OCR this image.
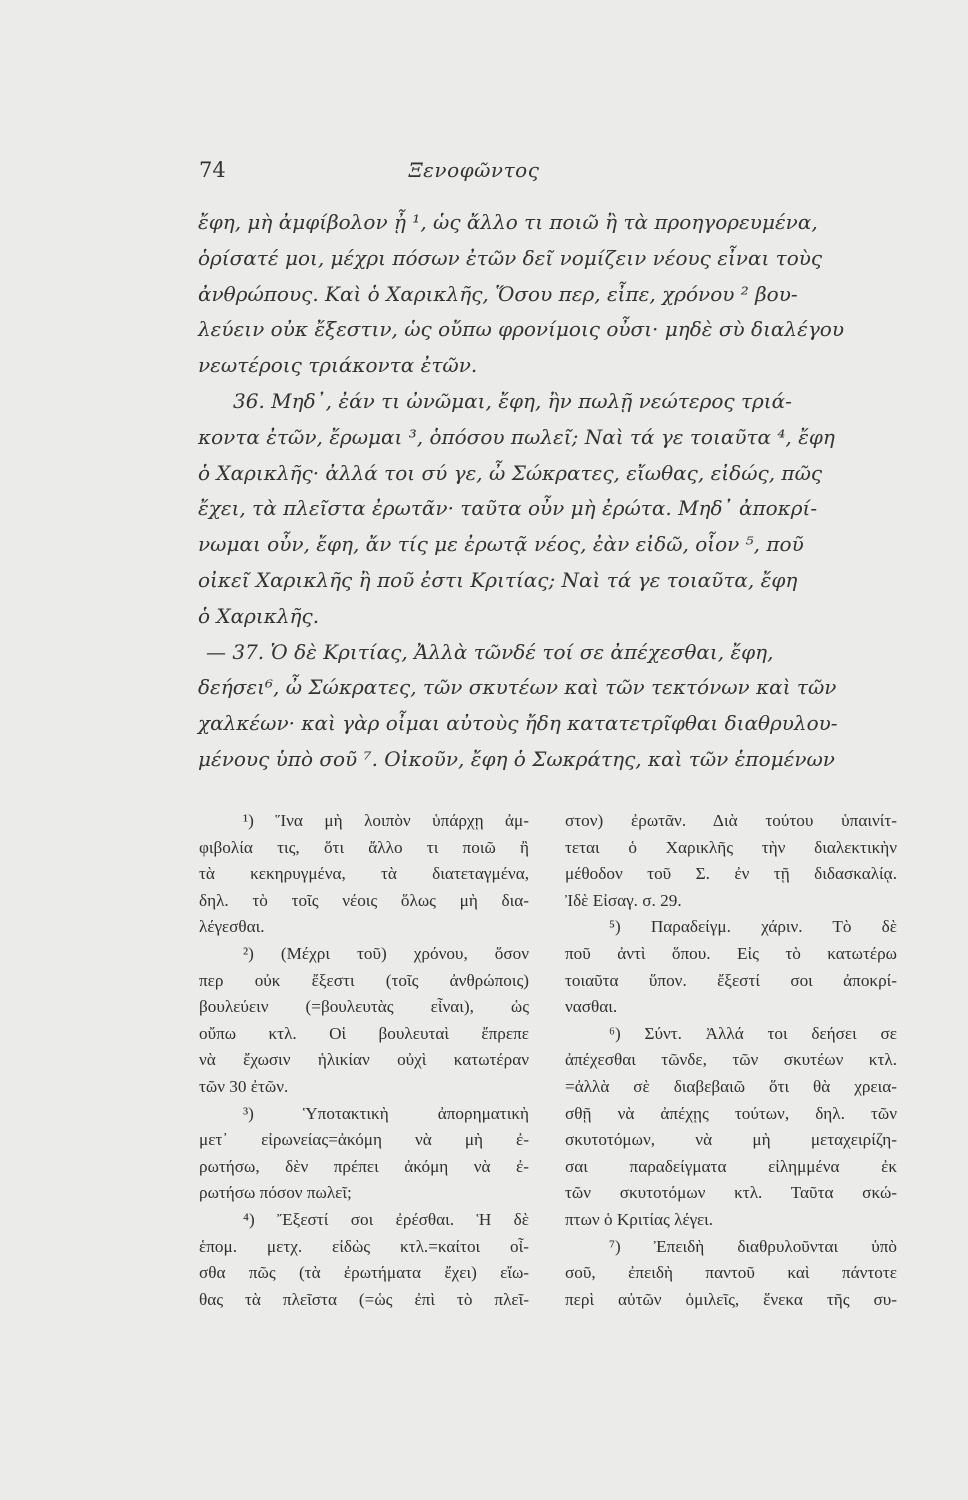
74	Ξενοφῶντος
ἔφη, μὴ ἀμφίβολον ᾖ ¹, ὡς ἄλλο τι ποιῶ ἢ τὰ προηγορευμένα,
ὁρίσατέ μοι, μέχρι πόσων ἐτῶν δεῖ νομίζειν νέους εἶναι τοὺς
ἀνθρώπους. Καὶ ὁ Χαρικλῆς, Ὅσου περ, εἶπε, χρόνου ² βου-
λεύειν οὐκ ἔξεστιν, ὡς οὔπω φρονίμοις οὖσι· μηδὲ σὺ διαλέγου
νεωτέροις τριάκοντα ἐτῶν.
36. Μηδ᾽, ἐάν τι ὠνῶμαι, ἔφη, ἢν πωλῇ νεώτερος τριά-
κοντα ἐτῶν, ἔρωμαι ³, ὁπόσου πωλεῖ; Ναὶ τά γε τοιαῦτα ⁴, ἔφη
ὁ Χαρικλῆς· ἀλλά τοι σύ γε, ὦ Σώκρατες, εἴωθας, εἰδώς, πῶς
ἔχει, τὰ πλεῖστα ἐρωτᾶν· ταῦτα οὖν μὴ ἐρώτα. Μηδ᾽ ἀποκρί-
νωμαι οὖν, ἔφη, ἄν τίς με ἐρωτᾷ νέος, ἐὰν εἰδῶ, οἷον ⁵, ποῦ
οἰκεῖ Χαρικλῆς ἢ ποῦ ἐστι Κριτίας; Ναὶ τά γε τοιαῦτα, ἔφη
ὁ Χαρικλῆς.
— 37. Ὁ δὲ Κριτίας, Ἀλλὰ τῶνδέ τοί σε ἀπέχεσθαι, ἔφη,
δεήσει⁶, ὦ Σώκρατες, τῶν σκυτέων καὶ τῶν τεκτόνων καὶ τῶν
χαλκέων· καὶ γὰρ οἶμαι αὐτοὺς ἤδη κατατετρῖφθαι διαθρυλου-
μένους ὑπὸ σοῦ ⁷. Οἰκοῦν, ἔφη ὁ Σωκράτης, καὶ τῶν ἑπομένων
¹) Ἵνα μὴ λοιπὸν ὑπάρχῃ ἀμ-
φιβολία τις, ὅτι ἄλλο τι ποιῶ ἢ
τὰ κεκηρυγμένα, τὰ διατεταγμένα,
δηλ. τὸ τοῖς νέοις ὅλως μὴ δια-
λέγεσθαι.
²) (Μέχρι τοῦ) χρόνου, ὅσον
περ οὐκ ἔξεστι (τοῖς ἀνθρώποις)
βουλεύειν (=βουλευτὰς εἶναι), ὡς
οὔπω κτλ. Οἱ βουλευταὶ ἔπρεπε
νὰ ἔχωσιν ἡλικίαν οὐχὶ κατωτέραν
τῶν 30 ἐτῶν.
³) Ὑποτακτικὴ ἀπορηματικὴ
μετ᾽ εἰρωνείας=ἀκόμη νὰ μὴ ἐ-
ρωτήσω, δὲν πρέπει ἀκόμη νὰ ἐ-
ρωτήσω πόσον πωλεῖ;
⁴) Ἔξεστί σοι ἐρέσθαι. Ἡ δὲ
ἑπομ. μετχ. εἰδὼς κτλ.=καίτοι οἶ-
σθα πῶς (τὰ ἐρωτήματα ἔχει) εἴω-
θας τὰ πλεῖστα (=ὡς ἐπὶ τὸ πλεῖ-
στον) ἐρωτᾶν. Διὰ τούτου ὑπαινίτ-
τεται ὁ Χαρικλῆς τὴν διαλεκτικὴν
μέθοδον τοῦ Σ. ἐν τῇ διδασκαλίᾳ.
Ἰδὲ Εἰσαγ. σ. 29.
⁵) Παραδείγμ. χάριν. Τὸ δὲ
ποῦ ἀντὶ ὅπου. Εἰς τὸ κατωτέρω
τοιαῦτα ὕπον. ἔξεστί σοι ἀποκρί-
νασθαι.
⁶) Σύντ. Ἀλλά τοι δεήσει σε
ἀπέχεσθαι τῶνδε, τῶν σκυτέων κτλ.
=ἀλλὰ σὲ διαβεβαιῶ ὅτι θὰ χρεια-
σθῇ νὰ ἀπέχῃς τούτων, δηλ. τῶν
σκυτοτόμων, νὰ μὴ μεταχειρίζη-
σαι παραδείγματα εἰλημμένα ἐκ
τῶν σκυτοτόμων κτλ. Ταῦτα σκώ-
πτων ὁ Κριτίας λέγει.
⁷) Ἐπειδὴ διαθρυλοῦνται ὑπὸ
σοῦ, ἐπειδὴ παντοῦ καὶ πάντοτε
περὶ αὐτῶν ὁμιλεῖς, ἕνεκα τῆς συ-
